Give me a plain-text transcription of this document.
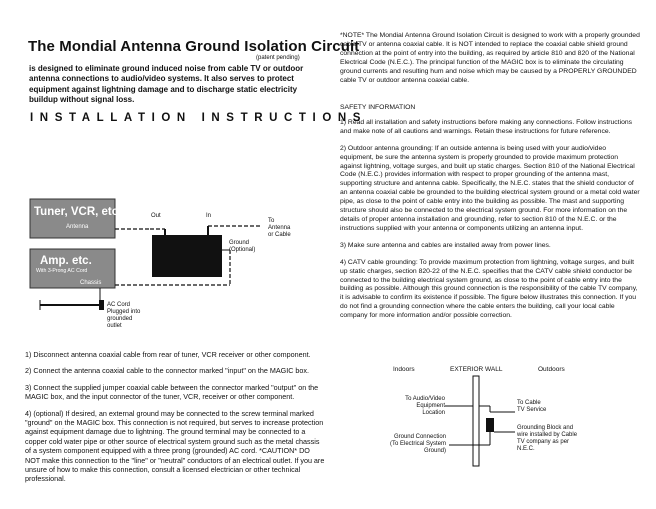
The Mondial Antenna Ground Isolation Circuit
(patent pending)
is designed to eliminate ground induced noise from cable TV or outdoor antenna connections to audio/video systems. It also serves to protect equipment against lightning damage and to discharge static electricity buildup without signal loss.
INSTALLATION INSTRUCTIONS
Tuner, VCR, etc.
Antenna
Amp. etc.
With 3-Prong AC Cord
Chassis
Out	In
To
Antenna
or Cable
Ground
(Optional)
AC Cord
Plugged into
grounded
outlet

1) Disconnect antenna coaxial cable from rear of tuner, VCR receiver or other component.

2) Connect the antenna coaxial cable to the connector marked "input" on the MAGIC box.

3) Connect the supplied jumper coaxial cable between the connector marked "output" on the MAGIC box, and the input connector of the tuner, VCR, receiver or other component.

4) (optional) If desired, an external ground may be connected to the screw terminal marked "ground" on the MAGIC box. This connection is not required, but serves to increase protection against equipment damage due to lightning. The ground terminal may be connected to a copper cold water pipe or other source of electrical system ground such as the metal chassis of a system component equipped with a three prong (grounded) AC cord. *CAUTION* DO NOT make this connection to the "line" or "neutral" conductors of an electrical outlet. If you are unsure of how to make this connection, consult a licensed electrician or other technical professional.

*NOTE* The Mondial Antenna Ground Isolation Circuit is designed to work with a properly grounded cable TV or antenna coaxial cable. It is NOT intended to replace the coaxial cable shield ground connection at the point of entry into the building, as required by article 810 and 820 of the National Electrical Code (N.E.C.). The principal function of the MAGIC box is to eliminate the circulating ground currents and resulting hum and noise which may be caused by a PROPERLY GROUNDED cable TV or outdoor antenna coaxial cable.

SAFETY INFORMATION

1) Read all installation and safety instructions before making any connections. Follow instructions and make note of all cautions and warnings. Retain these instructions for future reference.

2) Outdoor antenna grounding: If an outside antenna is being used with your audio/video equipment, be sure the antenna system is properly grounded to provide maximum protection against lightning, voltage surges, and built up static charges. Section 810 of the National Electrical Code (N.E.C.) provides information with respect to proper grounding of the antenna mast, supporting structure and antenna cable. Specifically, the N.E.C. states that the shield conductor of an antenna coaxial cable be grounded to the building electrical system ground or a metal cold water pipe, as close to the point of cable entry into the building as possible. The mast and supporting structure should also be connected to the electrical system ground. For more information on the details of proper antenna installation and grounding, refer to section 810 of the N.E.C. or the instructions supplied with your antenna or components utilizing an antenna input.

3) Make sure antenna and cables are installed away from power lines.

4) CATV cable grounding: To provide maximum protection from lightning, voltage surges, and built up static charges, section 820-22 of the N.E.C. specifies that the CATV cable shield conductor be connected to the building electrical system ground, as close to the point of cable entry into the building as possible. Although this ground connection is the responsibility of the cable TV company, it is advisable to confirm its existence if possible. The figure below illustrates this connection. If you do not find a grounding connection where the cable enters the building, call your local cable company for more information and/or possible correction.

Indoors	EXTERIOR WALL	Outdoors
To Audio/Video
Equipment
Location
To Cable
TV Service
Ground Connection
(To Electrical System
Ground)
Grounding Block and
wire installed by Cable
TV company as per
N.E.C.
